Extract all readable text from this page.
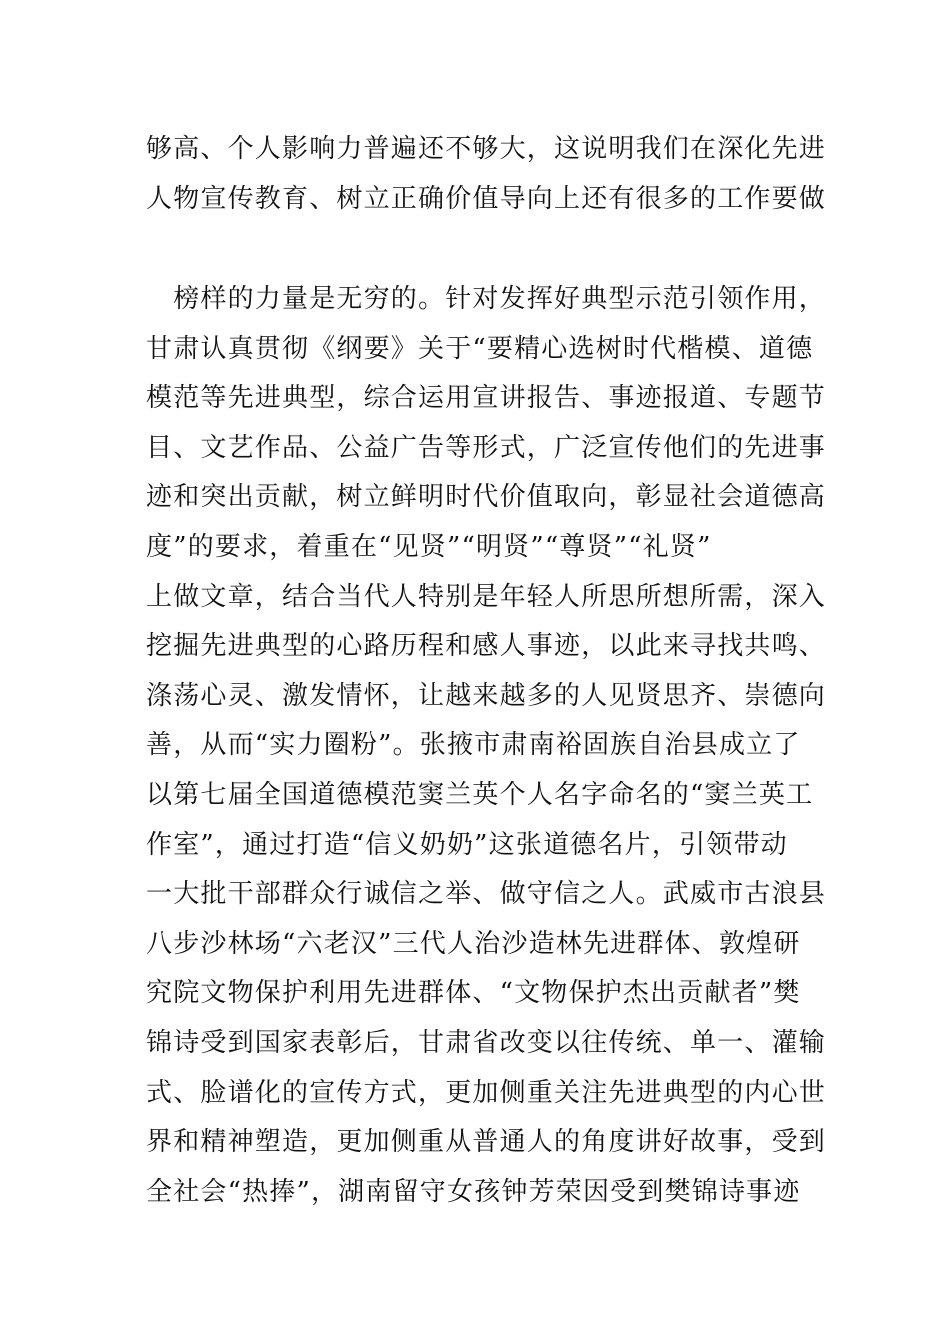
够高、个人影响力普遍还不够大，这说明我们在深化先进
人物宣传教育、树立正确价值导向上还有很多的工作要做
　榜样的力量是无穷的。针对发挥好典型示范引领作用，
甘肃认真贯彻《纲要》关于“要精心选树时代楷模、道德
模范等先进典型，综合运用宣讲报告、事迹报道、专题节
目、文艺作品、公益广告等形式，广泛宣传他们的先进事
迹和突出贡献，树立鲜明时代价值取向，彰显社会道德高
度”的要求，着重在“见贤”“明贤”“尊贤”“礼贤”
上做文章，结合当代人特别是年轻人所思所想所需，深入
挖掘先进典型的心路历程和感人事迹，以此来寻找共鸣、
涤荡心灵、激发情怀，让越来越多的人见贤思齐、崇德向
善，从而“实力圈粉”。张掖市肃南裕固族自治县成立了
以第七届全国道德模范窦兰英个人名字命名的“窦兰英工
作室”，通过打造“信义奶奶”这张道德名片，引领带动
一大批干部群众行诚信之举、做守信之人。武威市古浪县
八步沙林场“六老汉”三代人治沙造林先进群体、敦煌研
究院文物保护利用先进群体、“文物保护杰出贡献者”樊
锦诗受到国家表彰后，甘肃省改变以往传统、单一、灌输
式、脸谱化的宣传方式，更加侧重关注先进典型的内心世
界和精神塑造，更加侧重从普通人的角度讲好故事，受到
全社会“热捧”，湖南留守女孩钟芳荣因受到樊锦诗事迹
